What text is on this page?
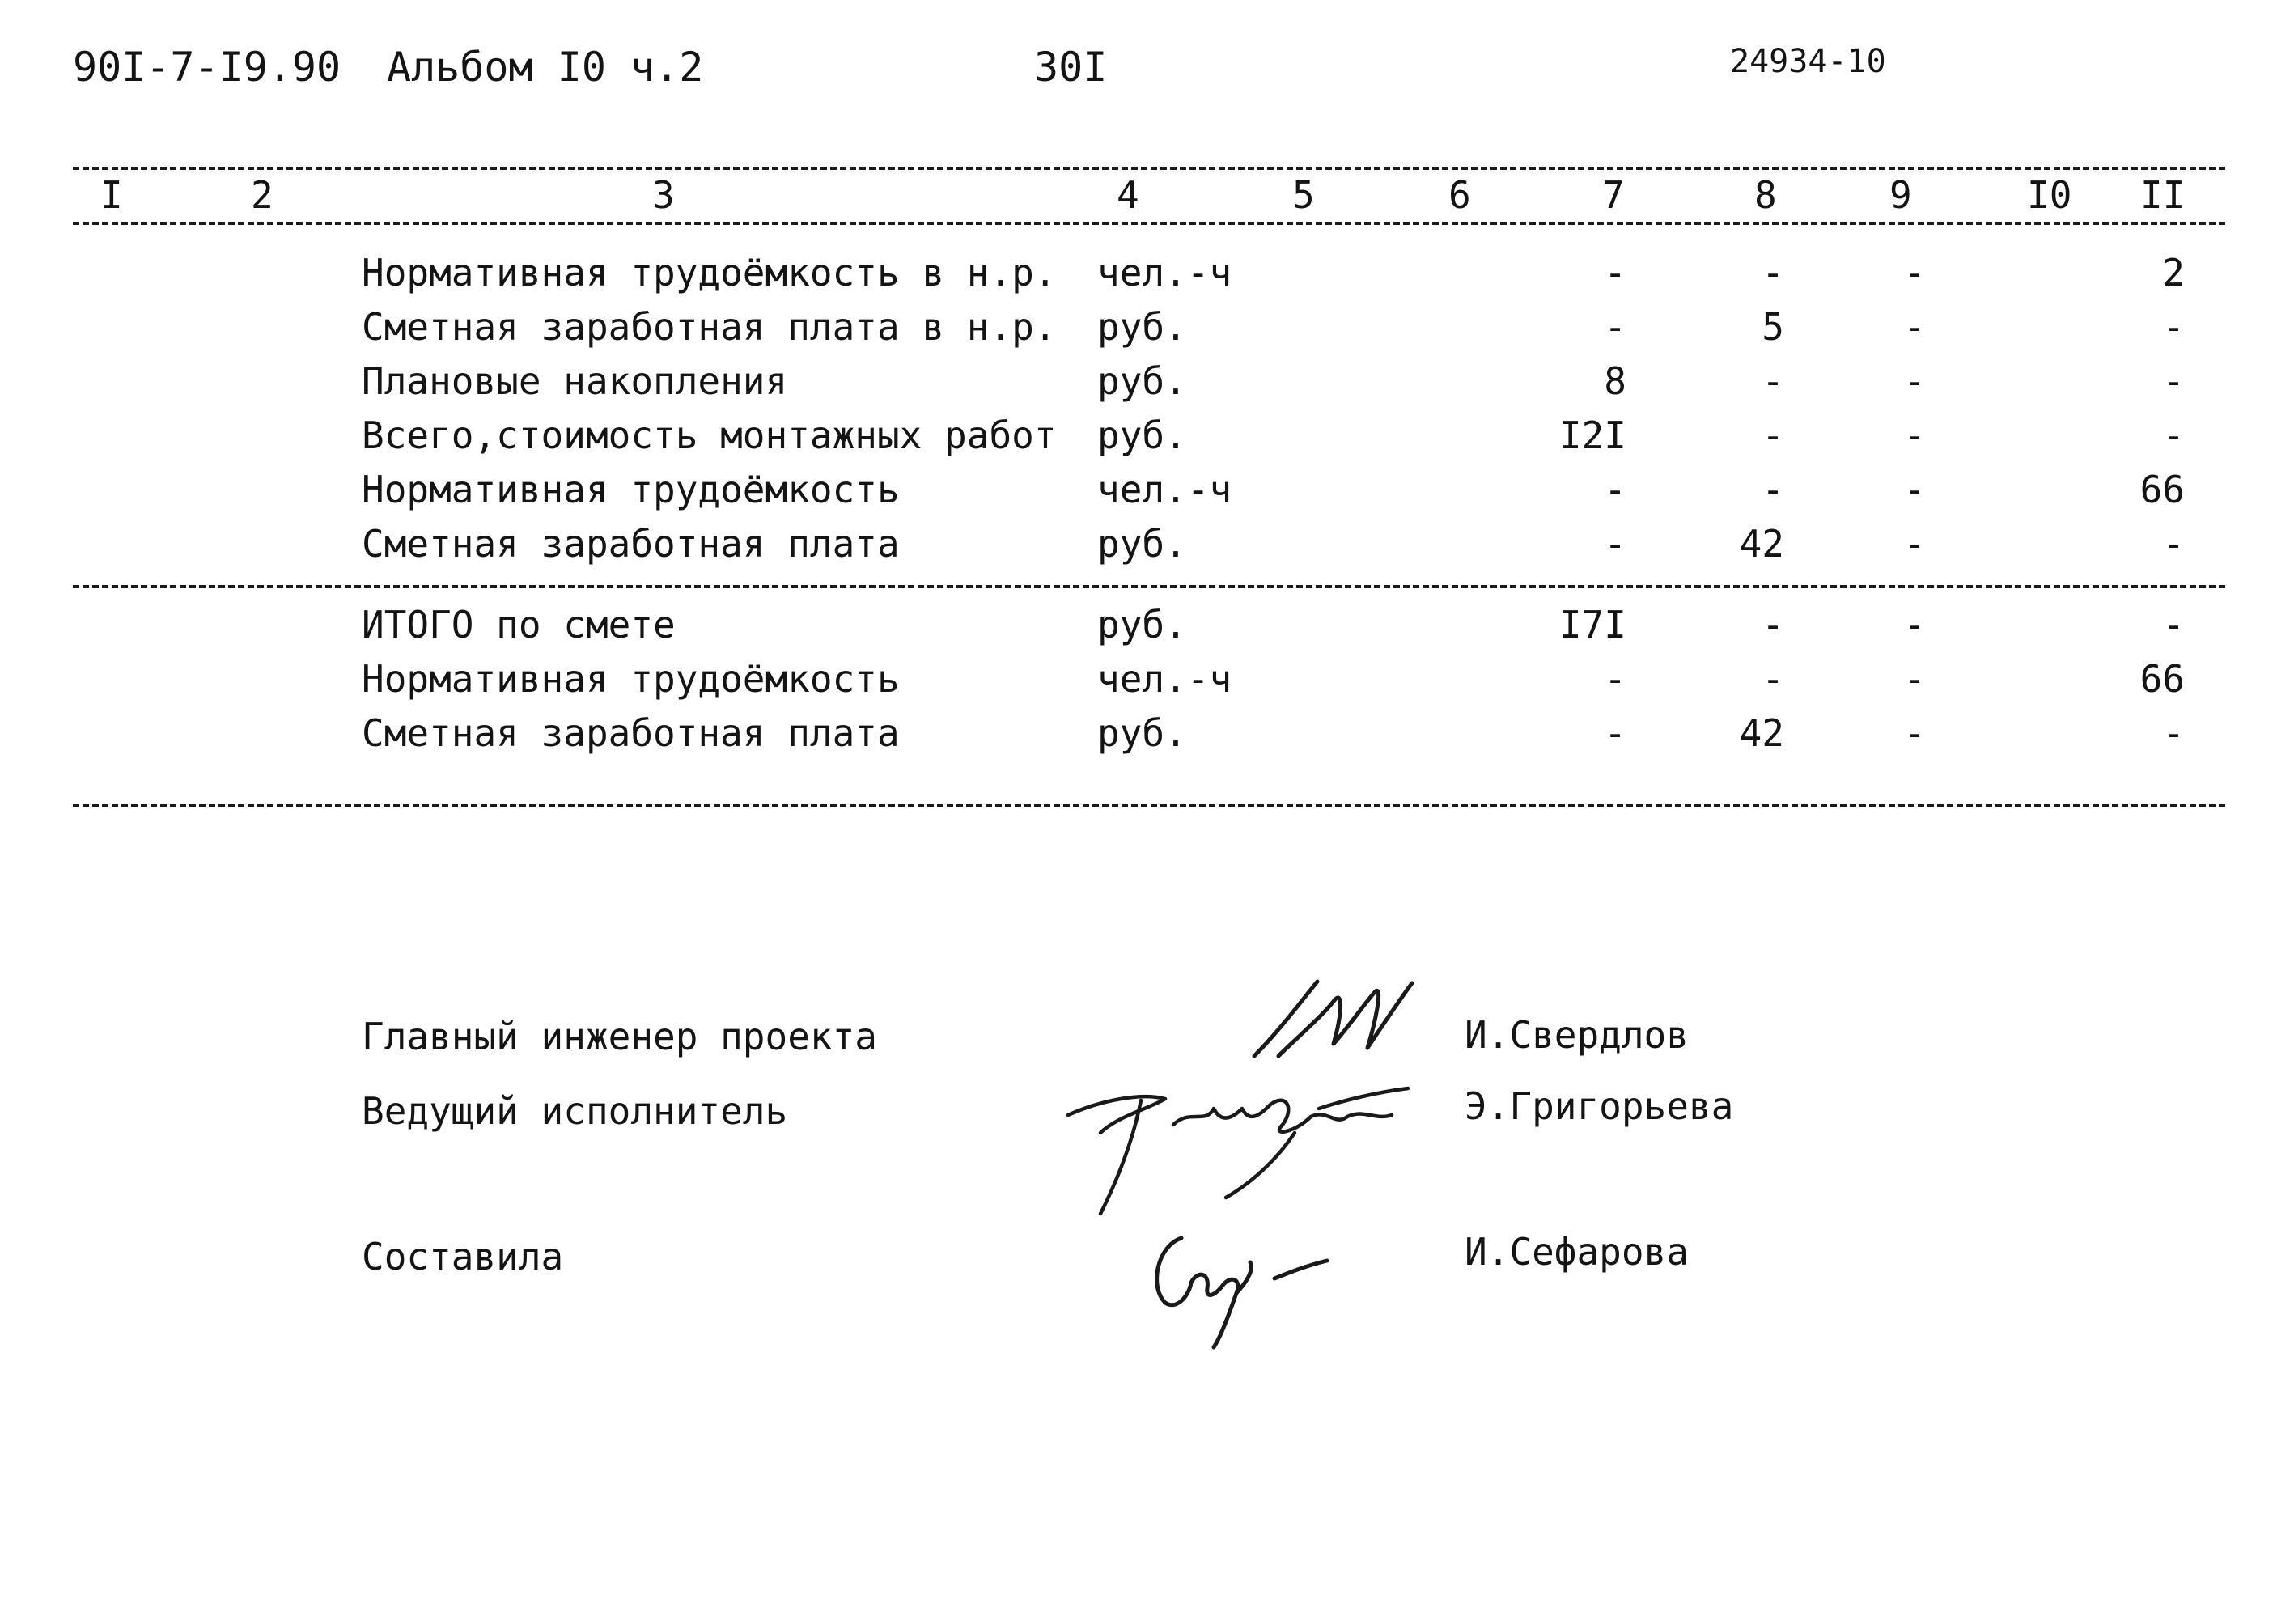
90I-7-I9.90 Альбом I0 ч.2	30I	24934-10
I	2	3	4	5	6	7	8	9	I0 II
Нормативная трудоёмкость в н.р. чел.-ч	-	-	-	2
Сметная заработная плата в н.р. руб.	-	5	-	-
Плановые накопления	руб.	8	-	-	-
Всего,стоимость монтажных работ руб.	I2I	-	-	-
Нормативная трудоёмкость	чел.-ч	-	-	-	66
Сметная заработная плата	руб.	-	42	-	-
ИТОГО по смете	руб.	I7I	-	-	-
Нормативная трудоёмкость	чел.-ч	-	-	-	66
Сметная заработная плата	руб.	-	42	-	-
Главный инженер проекта	И.Свердлов
Ведущий исполнитель	Э.Григорьева
Составила	И.Сефарова
